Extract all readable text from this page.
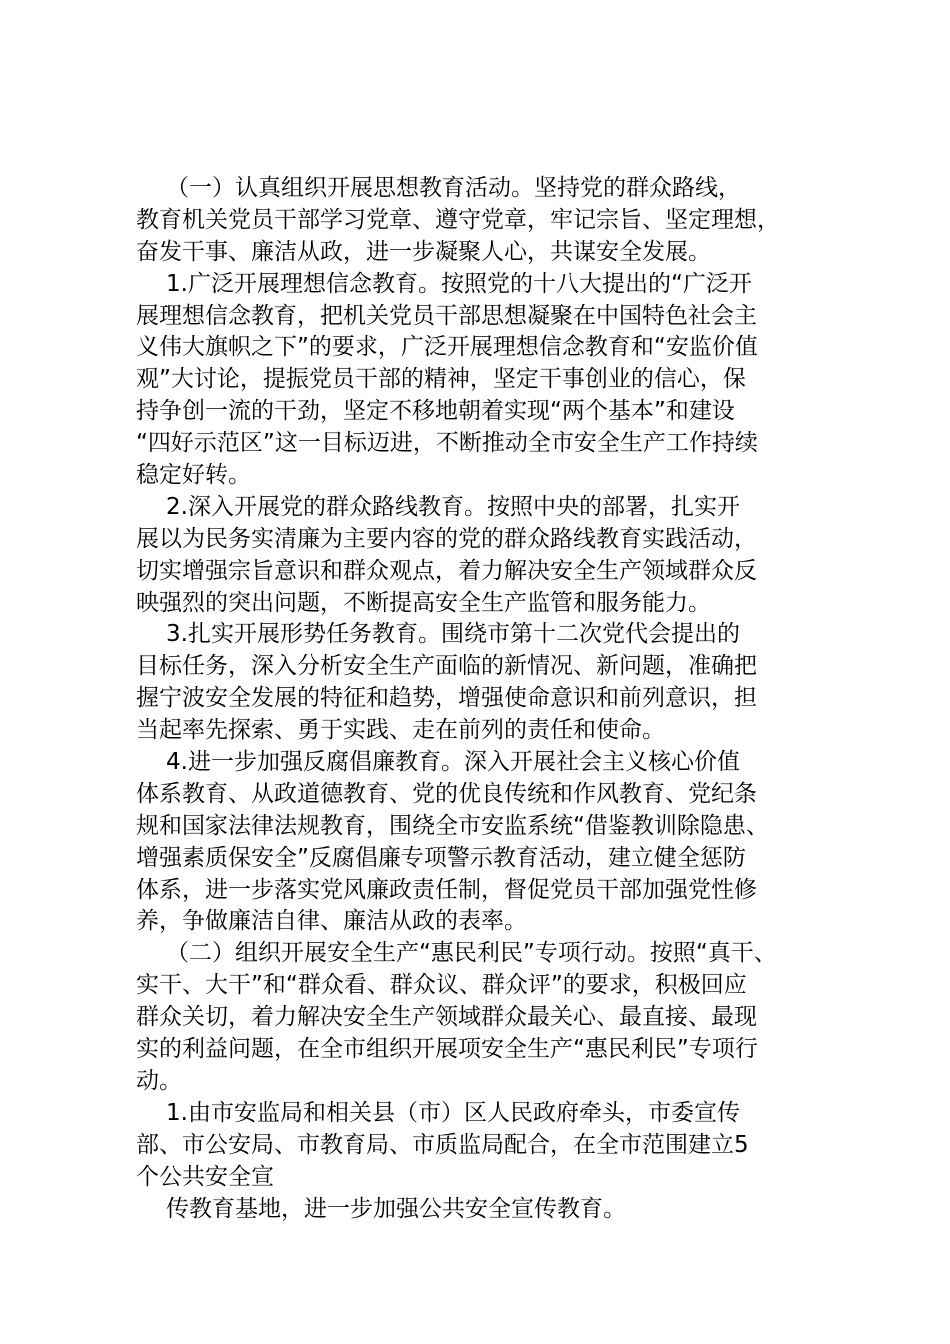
（一）认真组织开展思想教育活动。坚持党的群众路线，
教育机关党员干部学习党章、遵守党章，牢记宗旨、坚定理想，
奋发干事、廉洁从政，进一步凝聚人心，共谋安全发展。
1.广泛开展理想信念教育。按照党的十八大提出的“广泛开
展理想信念教育，把机关党员干部思想凝聚在中国特色社会主
义伟大旗帜之下”的要求，广泛开展理想信念教育和“安监价值
观”大讨论，提振党员干部的精神，坚定干事创业的信心，保
持争创一流的干劲，坚定不移地朝着实现“两个基本”和建设
“四好示范区”这一目标迈进，不断推动全市安全生产工作持续
稳定好转。
2.深入开展党的群众路线教育。按照中央的部署，扎实开
展以为民务实清廉为主要内容的党的群众路线教育实践活动，
切实增强宗旨意识和群众观点，着力解决安全生产领域群众反
映强烈的突出问题，不断提高安全生产监管和服务能力。
3.扎实开展形势任务教育。围绕市第十二次党代会提出的
目标任务，深入分析安全生产面临的新情况、新问题，准确把
握宁波安全发展的特征和趋势，增强使命意识和前列意识，担
当起率先探索、勇于实践、走在前列的责任和使命。
4.进一步加强反腐倡廉教育。深入开展社会主义核心价值
体系教育、从政道德教育、党的优良传统和作风教育、党纪条
规和国家法律法规教育，围绕全市安监系统“借鉴教训除隐患、
增强素质保安全”反腐倡廉专项警示教育活动，建立健全惩防
体系，进一步落实党风廉政责任制，督促党员干部加强党性修
养，争做廉洁自律、廉洁从政的表率。
（二）组织开展安全生产“惠民利民”专项行动。按照“真干、
实干、大干”和“群众看、群众议、群众评”的要求，积极回应
群众关切，着力解决安全生产领域群众最关心、最直接、最现
实的利益问题，在全市组织开展项安全生产“惠民利民”专项行
动。
1.由市安监局和相关县（市）区人民政府牵头，市委宣传
部、市公安局、市教育局、市质监局配合，在全市范围建立5
个公共安全宣
传教育基地，进一步加强公共安全宣传教育。
